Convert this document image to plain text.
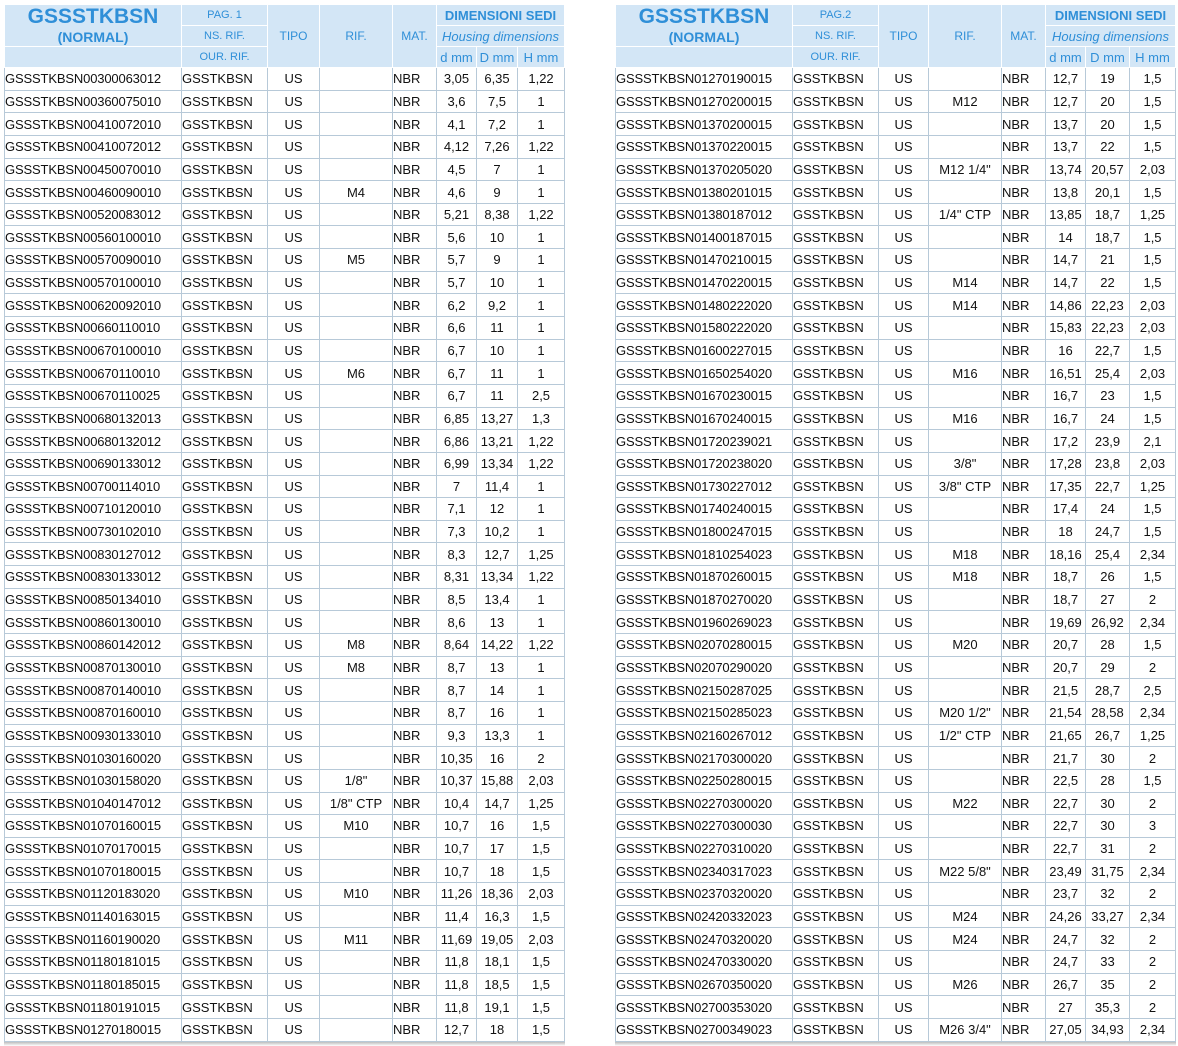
GSSSTKBSN
(NORMAL)	PAG. 1	TIPO	RIF.	MAT.	DIMENSIONI SEDI		
	NS. RIF.				Housing dimensions		
	OUR. RIF.				d mm	D mm	H mm
GSSSTKBSN00300063012	GSSTKBSN	US		NBR	3,05	6,35	1,22
GSSSTKBSN00360075010	GSSTKBSN	US		NBR	3,6	7,5	1
GSSSTKBSN00410072010	GSSTKBSN	US		NBR	4,1	7,2	1
GSSSTKBSN00410072012	GSSTKBSN	US		NBR	4,12	7,26	1,22
GSSSTKBSN00450070010	GSSTKBSN	US		NBR	4,5	7	1
GSSSTKBSN00460090010	GSSTKBSN	US	M4	NBR	4,6	9	1
GSSSTKBSN00520083012	GSSTKBSN	US		NBR	5,21	8,38	1,22
GSSSTKBSN00560100010	GSSTKBSN	US		NBR	5,6	10	1
GSSSTKBSN00570090010	GSSTKBSN	US	M5	NBR	5,7	9	1
GSSSTKBSN00570100010	GSSTKBSN	US		NBR	5,7	10	1
GSSSTKBSN00620092010	GSSTKBSN	US		NBR	6,2	9,2	1
GSSSTKBSN00660110010	GSSTKBSN	US		NBR	6,6	11	1
GSSSTKBSN00670100010	GSSTKBSN	US		NBR	6,7	10	1
GSSSTKBSN00670110010	GSSTKBSN	US	M6	NBR	6,7	11	1
GSSSTKBSN00670110025	GSSTKBSN	US		NBR	6,7	11	2,5
GSSSTKBSN00680132013	GSSTKBSN	US		NBR	6,85	13,27	1,3
GSSSTKBSN00680132012	GSSTKBSN	US		NBR	6,86	13,21	1,22
GSSSTKBSN00690133012	GSSTKBSN	US		NBR	6,99	13,34	1,22
GSSSTKBSN00700114010	GSSTKBSN	US		NBR	7	11,4	1
GSSSTKBSN00710120010	GSSTKBSN	US		NBR	7,1	12	1
GSSSTKBSN00730102010	GSSTKBSN	US		NBR	7,3	10,2	1
GSSSTKBSN00830127012	GSSTKBSN	US		NBR	8,3	12,7	1,25
GSSSTKBSN00830133012	GSSTKBSN	US		NBR	8,31	13,34	1,22
GSSSTKBSN00850134010	GSSTKBSN	US		NBR	8,5	13,4	1
GSSSTKBSN00860130010	GSSTKBSN	US		NBR	8,6	13	1
GSSSTKBSN00860142012	GSSTKBSN	US	M8	NBR	8,64	14,22	1,22
GSSSTKBSN00870130010	GSSTKBSN	US	M8	NBR	8,7	13	1
GSSSTKBSN00870140010	GSSTKBSN	US		NBR	8,7	14	1
GSSSTKBSN00870160010	GSSTKBSN	US		NBR	8,7	16	1
GSSSTKBSN00930133010	GSSTKBSN	US		NBR	9,3	13,3	1
GSSSTKBSN01030160020	GSSTKBSN	US		NBR	10,35	16	2
GSSSTKBSN01030158020	GSSTKBSN	US	1/8"	NBR	10,37	15,88	2,03
GSSSTKBSN01040147012	GSSTKBSN	US	1/8" CTP	NBR	10,4	14,7	1,25
GSSSTKBSN01070160015	GSSTKBSN	US	M10	NBR	10,7	16	1,5
GSSSTKBSN01070170015	GSSTKBSN	US		NBR	10,7	17	1,5
GSSSTKBSN01070180015	GSSTKBSN	US		NBR	10,7	18	1,5
GSSSTKBSN01120183020	GSSTKBSN	US	M10	NBR	11,26	18,36	2,03
GSSSTKBSN01140163015	GSSTKBSN	US		NBR	11,4	16,3	1,5
GSSSTKBSN01160190020	GSSTKBSN	US	M11	NBR	11,69	19,05	2,03
GSSSTKBSN01180181015	GSSTKBSN	US		NBR	11,8	18,1	1,5
GSSSTKBSN01180185015	GSSTKBSN	US		NBR	11,8	18,5	1,5
GSSSTKBSN01180191015	GSSTKBSN	US		NBR	11,8	19,1	1,5
GSSSTKBSN01270180015	GSSTKBSN	US		NBR	12,7	18	1,5
GSSSTKBSN
(NORMAL)	PAG.2	TIPO	RIF.	MAT.	DIMENSIONI SEDI		
	NS. RIF.				Housing dimensions		
	OUR. RIF.				d mm	D mm	H mm
GSSSTKBSN01270190015	GSSTKBSN	US		NBR	12,7	19	1,5
GSSSTKBSN01270200015	GSSTKBSN	US	M12	NBR	12,7	20	1,5
GSSSTKBSN01370200015	GSSTKBSN	US		NBR	13,7	20	1,5
GSSSTKBSN01370220015	GSSTKBSN	US		NBR	13,7	22	1,5
GSSSTKBSN01370205020	GSSTKBSN	US	M12 1/4"	NBR	13,74	20,57	2,03
GSSSTKBSN01380201015	GSSTKBSN	US		NBR	13,8	20,1	1,5
GSSSTKBSN01380187012	GSSTKBSN	US	1/4" CTP	NBR	13,85	18,7	1,25
GSSSTKBSN01400187015	GSSTKBSN	US		NBR	14	18,7	1,5
GSSSTKBSN01470210015	GSSTKBSN	US		NBR	14,7	21	1,5
GSSSTKBSN01470220015	GSSTKBSN	US	M14	NBR	14,7	22	1,5
GSSSTKBSN01480222020	GSSTKBSN	US	M14	NBR	14,86	22,23	2,03
GSSSTKBSN01580222020	GSSTKBSN	US		NBR	15,83	22,23	2,03
GSSSTKBSN01600227015	GSSTKBSN	US		NBR	16	22,7	1,5
GSSSTKBSN01650254020	GSSTKBSN	US	M16	NBR	16,51	25,4	2,03
GSSSTKBSN01670230015	GSSTKBSN	US		NBR	16,7	23	1,5
GSSSTKBSN01670240015	GSSTKBSN	US	M16	NBR	16,7	24	1,5
GSSSTKBSN01720239021	GSSTKBSN	US		NBR	17,2	23,9	2,1
GSSSTKBSN01720238020	GSSTKBSN	US	3/8"	NBR	17,28	23,8	2,03
GSSSTKBSN01730227012	GSSTKBSN	US	3/8" CTP	NBR	17,35	22,7	1,25
GSSSTKBSN01740240015	GSSTKBSN	US		NBR	17,4	24	1,5
GSSSTKBSN01800247015	GSSTKBSN	US		NBR	18	24,7	1,5
GSSSTKBSN01810254023	GSSTKBSN	US	M18	NBR	18,16	25,4	2,34
GSSSTKBSN01870260015	GSSTKBSN	US	M18	NBR	18,7	26	1,5
GSSSTKBSN01870270020	GSSTKBSN	US		NBR	18,7	27	2
GSSSTKBSN01960269023	GSSTKBSN	US		NBR	19,69	26,92	2,34
GSSSTKBSN02070280015	GSSTKBSN	US	M20	NBR	20,7	28	1,5
GSSSTKBSN02070290020	GSSTKBSN	US		NBR	20,7	29	2
GSSSTKBSN02150287025	GSSTKBSN	US		NBR	21,5	28,7	2,5
GSSSTKBSN02150285023	GSSTKBSN	US	M20 1/2"	NBR	21,54	28,58	2,34
GSSSTKBSN02160267012	GSSTKBSN	US	1/2" CTP	NBR	21,65	26,7	1,25
GSSSTKBSN02170300020	GSSTKBSN	US		NBR	21,7	30	2
GSSSTKBSN02250280015	GSSTKBSN	US		NBR	22,5	28	1,5
GSSSTKBSN02270300020	GSSTKBSN	US	M22	NBR	22,7	30	2
GSSSTKBSN02270300030	GSSTKBSN	US		NBR	22,7	30	3
GSSSTKBSN02270310020	GSSTKBSN	US		NBR	22,7	31	2
GSSSTKBSN02340317023	GSSTKBSN	US	M22 5/8"	NBR	23,49	31,75	2,34
GSSSTKBSN02370320020	GSSTKBSN	US		NBR	23,7	32	2
GSSSTKBSN02420332023	GSSTKBSN	US	M24	NBR	24,26	33,27	2,34
GSSSTKBSN02470320020	GSSTKBSN	US	M24	NBR	24,7	32	2
GSSSTKBSN02470330020	GSSTKBSN	US		NBR	24,7	33	2
GSSSTKBSN02670350020	GSSTKBSN	US	M26	NBR	26,7	35	2
GSSSTKBSN02700353020	GSSTKBSN	US		NBR	27	35,3	2
GSSSTKBSN02700349023	GSSTKBSN	US	M26 3/4"	NBR	27,05	34,93	2,34
